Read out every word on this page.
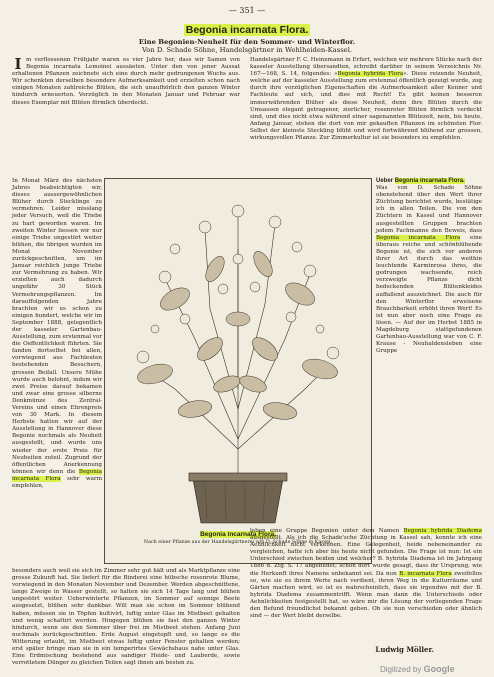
— 351 —
Begonia incarnata Flora.
Eine Begonien-Neuheit für den Sommer- und Winterflor.
Von D. Schade Söhne, Handelsgärtner in Wehlheiden-Kassel.

Im verflossenen Frühjahr waren es vier Jahre her, dass wir Samen von Begonia incarnata Lemoinei aussäeten. Unter den von jener Aussat erhaltenen Pflanzen zeichnete sich eine durch mehr gedrungenen Wuchs aus. Wir schenkten derselben besondere Aufmerksamkeit und erzielten schon nach einigen Monaten zahlreiche Blüten, die sich unaufhörlich den ganzen Winter hindurch erneuerten. Vorzüglich in den Monaten Januar und Februar war dieses Exemplar mit Blüten förmlich überdeckt.

Handelsgärtner F. C. Heinemann in Erfurt, welchen wir mehrere Stücke nach der kasseler Ausstellung übersandten, schreibt darüber in seinem Verzeichnis Nr. 167—168, S. 14, folgendes: »Begonia hybrida Flora«. Diese reizende Neuheit, welche auf der kasseler Ausstellung zum erstenmal öffentlich gezeigt wurde, zog durch ihre vorzüglichen Eigenschaften die Aufmerksamkeit aller Kenner und Fachleute auf sich, und dies mit Recht! Es gibt keinen besseren immerwährenden Blüher als diese Neuheit, denn ihre Blüten durch die Umsassen elegant getragener, zierlicher, rosenroter Blüten förmlich verdeckt sind, und dies nicht etwa während einer sagenannten Blütezeit, nein, bis heute, Anfang Januar, stehen die dort von mir gekauften Pflanzen im schönsten Flor. Selbst der kleinste Steckling blüht und wird fortwährend blühend zur grossen, wirkungsvollen Pflanze. Zur Zimmerkultur ist sie besonders zu empfehlen.

In Monat März des nächsten Jahres beabsichtigten wir, dieses aussergewöhnlichen Blüher durch Stecklinge zu vermehren. Leider misslang jeder Versuch, weil die Triebe zu hart geworden waren. Im zweiten Winter liessen wir nur einige Triebe ungestört weiter blühen, die übrigen wurden im Monat November zurückgeschnitten, um im Januar reichlich junge Triebe zur Vermehrung zu haben. Wir erzielten auch dadurch ungefähr 30 Stück Vermehrungspflanzen. Im darauffolgenden Jahre brachten wir es schon zu einigen hundert, welche wir im September 1888, gelegentlich der kasseler Gartenbau-Ausstellung, zum erstenmal vor die Oeffentlichkeit führten. Sie fanden dortselbst bei allen, vorwiegend aus Fachleuten bestehenden Besuchern, grossen Beifall. Unsere Mühe wurde auch belohnt, indem wir zwei Preise darauf bekamen und zwar eine grosse silberne Denkmünze des Zentral-Vereins und einen Ehrenpreis von 30 Mark. In diesem Herbste hatten wir auf der Ausstellung in Hannover diese Begonie nochmals als Neuheit ausgestellt, und wurde uns wieder der erste Preis für Neuheiten zuteil. Zugrund der öffentlichen Anerkennung können wir denn die Begonia incarnata Flora sehr warm empfehlen,

Begonia incarnata Flora.
Nach einer Pflanze aus der Handelsgärtnerei von D. Schade Söhne in Kassel.

Ueber Begonia incarnata Flora.

Was von D. Schade Söhne obenstehend über den Wert ihrer Züchtung berichtet wurde, bestätige ich in allen Teilen. Die von den Züchtern in Kassel und Hannover ausgestellten Gruppen brachten jedem Fachmanne den Beweis, dass Begonia incarnata Flora eine überaus reiche und schönblühende Begonie ist, die sich vor anderen ihrer Art durch das weithin leuchtende Karminrosa ihres, die gedrungen wachsende, reich verzweigte Pflanze dicht bedeckenden Blütenkleides auffallend auszeichnet. Die auch für den Winterflor erweisene Brauchbarkeit erhöht ihren Wert! Es ist nun aber noch eine Frage zu lösen. — Auf der im Herbst 1885 in Magdeburg stattgefundenen Gartenbau-Ausstellung war von C. F. Krause - Neuhaldensleben eine Gruppe

besonders auch weil sie sich im Zimmer sehr gut hält und als Marktpflanze eine grosse Zukunft hat. Sie liefert für die Binderei eine hübsche rosenrote Blume, vorwiegend in den Monaten November und Dezember. Werden abgeschnittene, lange Zweige in Wasser gestellt, so halten sie sich 14 Tage lang und blühen ungestört weiter. Ueberwinterte Pflanzen, im Sommer auf sonnige Beete ausgesetzt, blühen sehr dankbar. Will man sie schon im Sommer blühend haben, müssen sie in Töpfen kultivirt, luftig unter Glas im Mistbeet gehalten und wenig schattirt werden. Hingegen blühen sie fast den ganzen Winter hindurch, wenn sie den Sommer über frei im Mistbeet stehen. Anfang Juni nochmals zurückgeschnitten. Erde August eingetopft und, so lange es die Witterung erlaubt, im Mistbeet etwas luftig unter Fenster gehalten werden; erst später bringe man sie in ein temperirtes Gewächshaus nahe unter Glas. Eine Erdmischung bestehend aus sandiger Heide- und Lauberde, sowie verrottetem Dünger zu gleichen Teilen sagt ihnen am besten zu.

leben eine Gruppe Begonien unter dem Namen Begonia hybrida Diadema ausgestellt. Als ich die Schade'sche Züchtung in Kassel sah, konnte ich eine Aehnlichkeit nicht verkennen. Eine Gelegenheit, beide nebeneinander zu vergleichen, hatte ich aber bis heute nicht gefunden. Die Frage ist nun: Ist ein Unterschied zwischen beiden und welcher? B. hybrida Diadema ist im Jahrgang 1886 d. Ztg. S. 17 abgebildet; schon dort wurde gesagt, dass ihr Ursprung, wie die Herkunft ihres Namens unbekannt sei. Da nun B. incarnata Flora zweifellos so, wie sie es ihrem Werte nach verdient, ihren Weg in die Kulturräume und Gärten machen wird, so ist es wahrscheinlich, dass sie irgendwo mit der B. hybrida Diadema zusammentrifft. Wenn man dann die Unterschiede oder Aehnlichkeiten festgestellt hat, so wäre mir die Lösung der vorliegenden Frage den Befund freundlichst bekannt geben. Ob sie nun verschieden oder ähnlich sind — der Wert bleibt derselbe.

Ludwig Möller.
Digitized by Google
